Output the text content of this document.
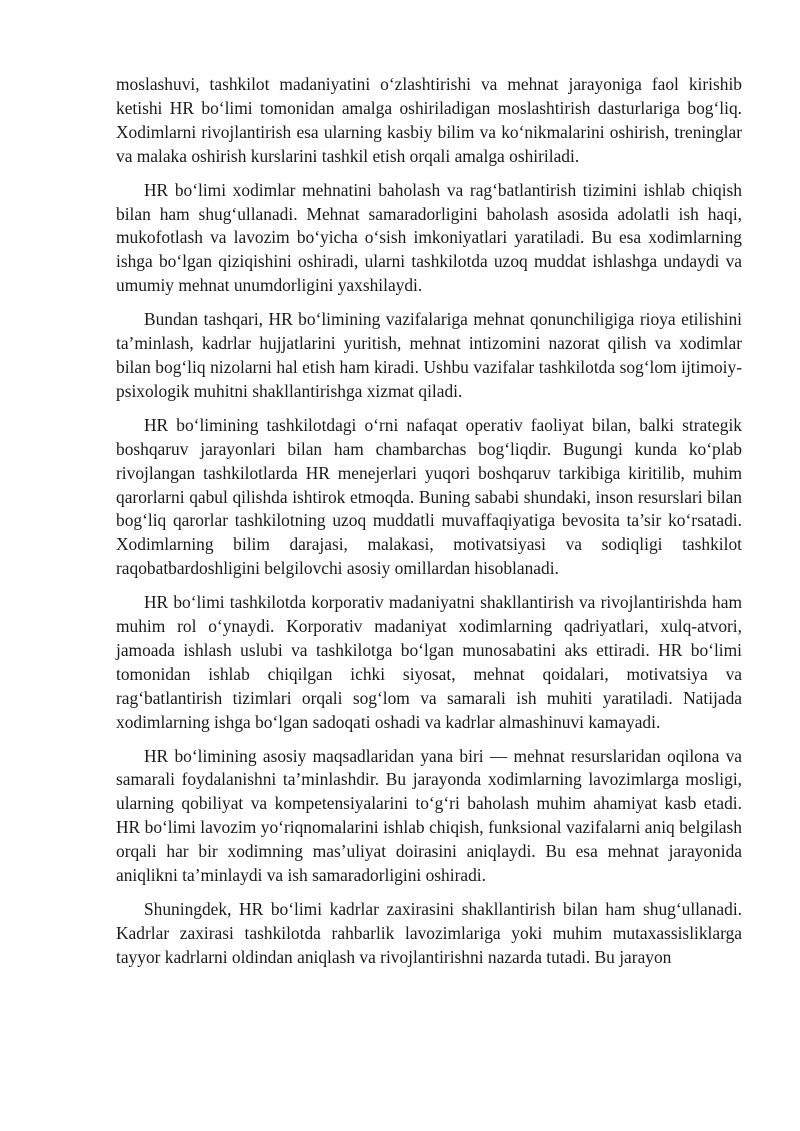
moslashuvi, tashkilot madaniyatini o‘zlashtirishi va mehnat jarayoniga faol kirishib ketishi HR bo‘limi tomonidan amalga oshiriladigan moslashtirish dasturlariga bog‘liq. Xodimlarni rivojlantirish esa ularning kasbiy bilim va ko‘nikmalarini oshirish, treninglar va malaka oshirish kurslarini tashkil etish orqali amalga oshiriladi.

HR bo‘limi xodimlar mehnatini baholash va rag‘batlantirish tizimini ishlab chiqish bilan ham shug‘ullanadi. Mehnat samaradorligini baholash asosida adolatli ish haqi, mukofotlash va lavozim bo‘yicha o‘sish imkoniyatlari yaratiladi. Bu esa xodimlarning ishga bo‘lgan qiziqishini oshiradi, ularni tashkilotda uzoq muddat ishlashga undaydi va umumiy mehnat unumdorligini yaxshilaydi.

Bundan tashqari, HR bo‘limining vazifalariga mehnat qonunchiligiga rioya etilishini ta’minlash, kadrlar hujjatlarini yuritish, mehnat intizomini nazorat qilish va xodimlar bilan bog‘liq nizolarni hal etish ham kiradi. Ushbu vazifalar tashkilotda sog‘lom ijtimoiy-psixologik muhitni shakllantirishga xizmat qiladi.

HR bo‘limining tashkilotdagi o‘rni nafaqat operativ faoliyat bilan, balki strategik boshqaruv jarayonlari bilan ham chambarchas bog‘liqdir. Bugungi kunda ko‘plab rivojlangan tashkilotlarda HR menejerlari yuqori boshqaruv tarkibiga kiritilib, muhim qarorlarni qabul qilishda ishtirok etmoqda. Buning sababi shundaki, inson resurslari bilan bog‘liq qarorlar tashkilotning uzoq muddatli muvaffaqiyatiga bevosita ta’sir ko‘rsatadi. Xodimlarning bilim darajasi, malakasi, motivatsiyasi va sodiqligi tashkilot raqobatbardoshligini belgilovchi asosiy omillardan hisoblanadi.

HR bo‘limi tashkilotda korporativ madaniyatni shakllantirish va rivojlantirishda ham muhim rol o‘ynaydi. Korporativ madaniyat xodimlarning qadriyatlari, xulq-atvori, jamoada ishlash uslubi va tashkilotga bo‘lgan munosabatini aks ettiradi. HR bo‘limi tomonidan ishlab chiqilgan ichki siyosat, mehnat qoidalari, motivatsiya va rag‘batlantirish tizimlari orqali sog‘lom va samarali ish muhiti yaratiladi. Natijada xodimlarning ishga bo‘lgan sadoqati oshadi va kadrlar almashinuvi kamayadi.

HR bo‘limining asosiy maqsadlaridan yana biri — mehnat resurslaridan oqilona va samarali foydalanishni ta’minlashdir. Bu jarayonda xodimlarning lavozimlarga mosligi, ularning qobiliyat va kompetensiyalarini to‘g‘ri baholash muhim ahamiyat kasb etadi. HR bo‘limi lavozim yo‘riqnomalarini ishlab chiqish, funksional vazifalarni aniq belgilash orqali har bir xodimning mas’uliyat doirasini aniqlaydi. Bu esa mehnat jarayonida aniqlikni ta’minlaydi va ish samaradorligini oshiradi.

Shuningdek, HR bo‘limi kadrlar zaxirasini shakllantirish bilan ham shug‘ullanadi. Kadrlar zaxirasi tashkilotda rahbarlik lavozimlariga yoki muhim mutaxassisliklarga tayyor kadrlarni oldindan aniqlash va rivojlantirishni nazarda tutadi. Bu jarayon
